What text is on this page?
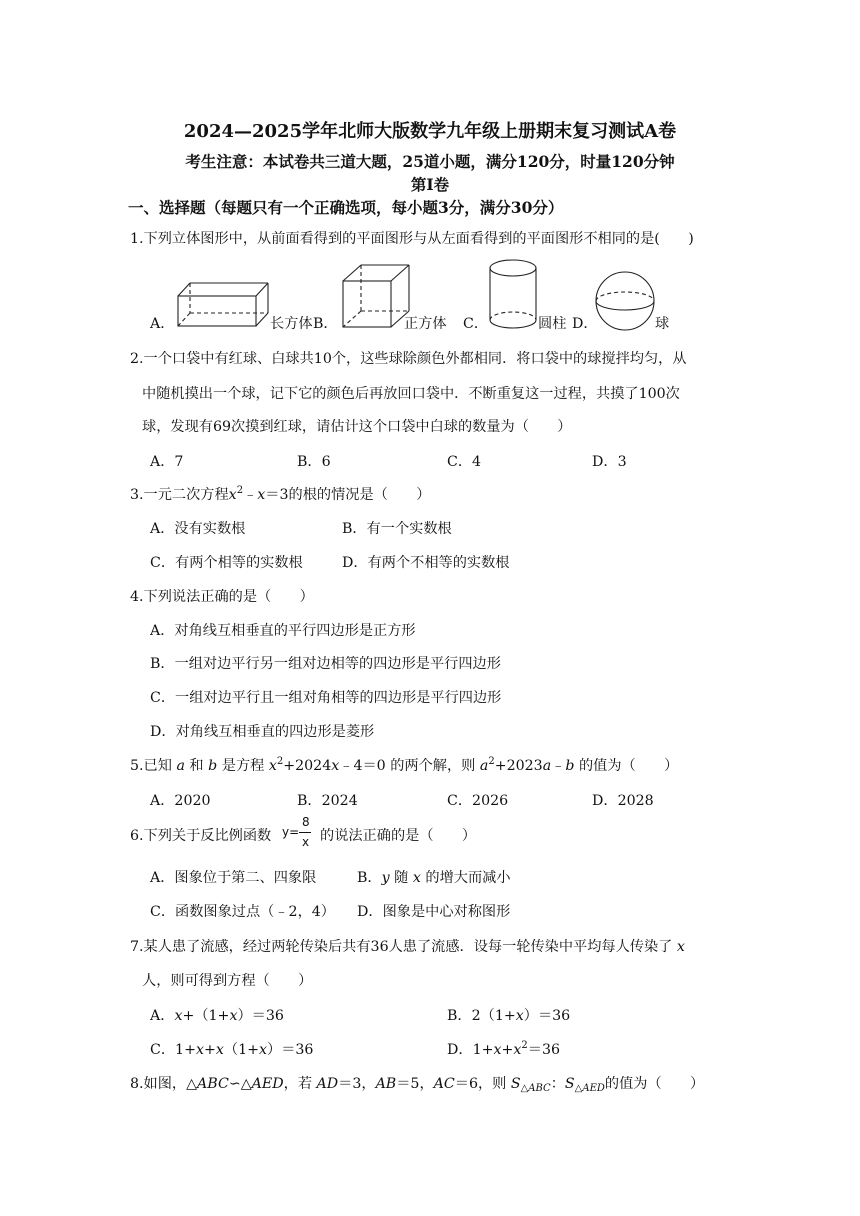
2024—2025学年北师大版数学九年级上册期末复习测试A卷
考生注意：本试卷共三道大题，25道小题，满分120分，时量120分钟
第Ⅰ卷
一、选择题（每题只有一个正确选项，每小题3分，满分30分）
1.下列立体图形中，从前面看得到的平面图形与从左面看得到的平面图形不相同的是(　　)
A．	长方体 B．	正方体 C．	圆柱 D．	球
2.一个口袋中有红球、白球共10个，这些球除颜色外都相同．将口袋中的球搅拌均匀，从
中随机摸出一个球，记下它的颜色后再放回口袋中．不断重复这一过程，共摸了100次
球，发现有69次摸到红球，请估计这个口袋中白球的数量为（　　）
A．7	B．6	C．4	D．3
3.一元二次方程$x^2﹣x=3$的根的情况是（　　）
A．没有实数根	B．有一个实数根
C．有两个相等的实数根	D．有两个不相等的实数根
4.下列说法正确的是（　　）
A．对角线互相垂直的平行四边形是正方形
B．一组对边平行另一组对边相等的四边形是平行四边形
C．一组对边平行且一组对角相等的四边形是平行四边形
D．对角线互相垂直的四边形是菱形
5.已知 a 和 b 是方程 $x^2+2024x﹣4=0$ 的两个解，则 $a^2+2023a﹣b$ 的值为（　　）
A．2020	B．2024	C．2026	D．2028
6.下列关于反比例函数 y=
8
x 的说法正确的是（　　）
A．图象位于第二、四象限	B．y 随 x 的增大而减小
C．函数图象过点（﹣2，4） D．图象是中心对称图形
7.某人患了流感，经过两轮传染后共有36人患了流感．设每一轮传染中平均每人传染了 x
人，则可得到方程（　　）
A．x+（1+x）＝36	B．2（1+x）＝36
C．1+x+x（1+x）＝36	D．$1+x+x^2=36$
8.如图，△ABC∽△AED，若 AD＝3，AB＝5，AC＝6，则 $S_{\triangle ABC}$：$S_{\triangle AED}$的值为（　　）
